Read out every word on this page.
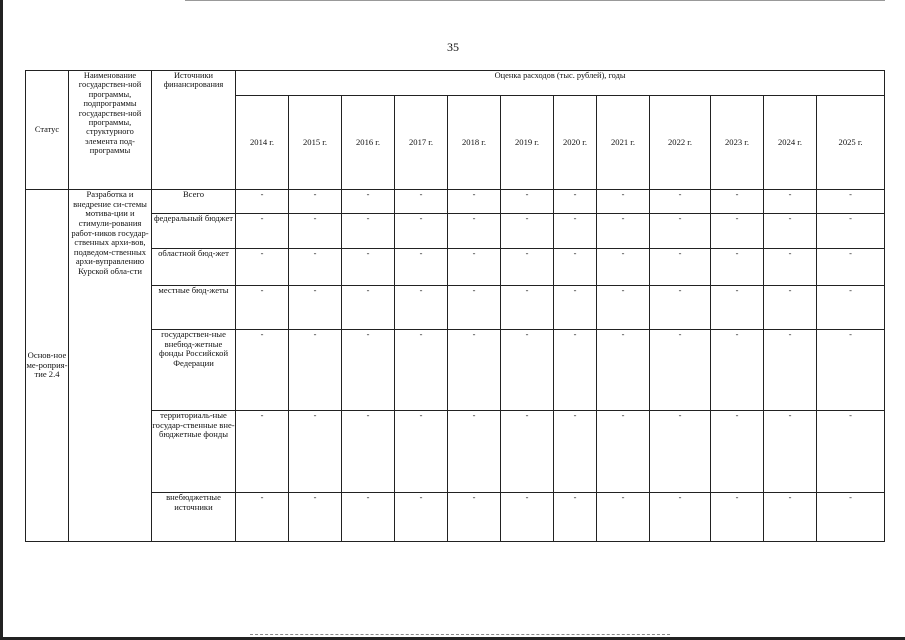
35
Статус	Наименование государствен-ной программы, подпрограммы государствен-ной программы, структурного элемента под-программы	Источники финансирования	Оценка расходов (тыс. рублей), годы											
			2014 г.	2015 г.	2016 г.	2017 г.	2018 г.	2019 г.	2020 г.	2021 г.	2022 г.	2023 г.	2024 г.	2025 г.
Основ-ное ме-роприя-тие 2.4	Разработка и внедрение си-стемы мотива-ции и стимули-рования работ-ников государ-ственных архи-вов, подведом-ственных архи-вуправлению Курской обла-сти	Всего	-	-	-	-	-	-	-	-	-	-	-	-
		федеральный бюджет	-	-	-	-	-	-	-	-	-	-	-	-
		областной бюд-жет	-	-	-	-	-	-	-	-	-	-	-	-
		местные бюд-жеты	-	-	-	-	-	-	-	-	-	-	-	-
		государствен-ные внебюд-жетные фонды Российской Федерации	-	-	-	-	-	-	-	-	-	-	-	-
		территориаль-ные государ-ственные вне-бюджетные фонды	-	-	-	-	-	-	-	-	-	-	-	-
		внебюджетные источники	-	-	-	-	-	-	-	-	-	-	-	-
